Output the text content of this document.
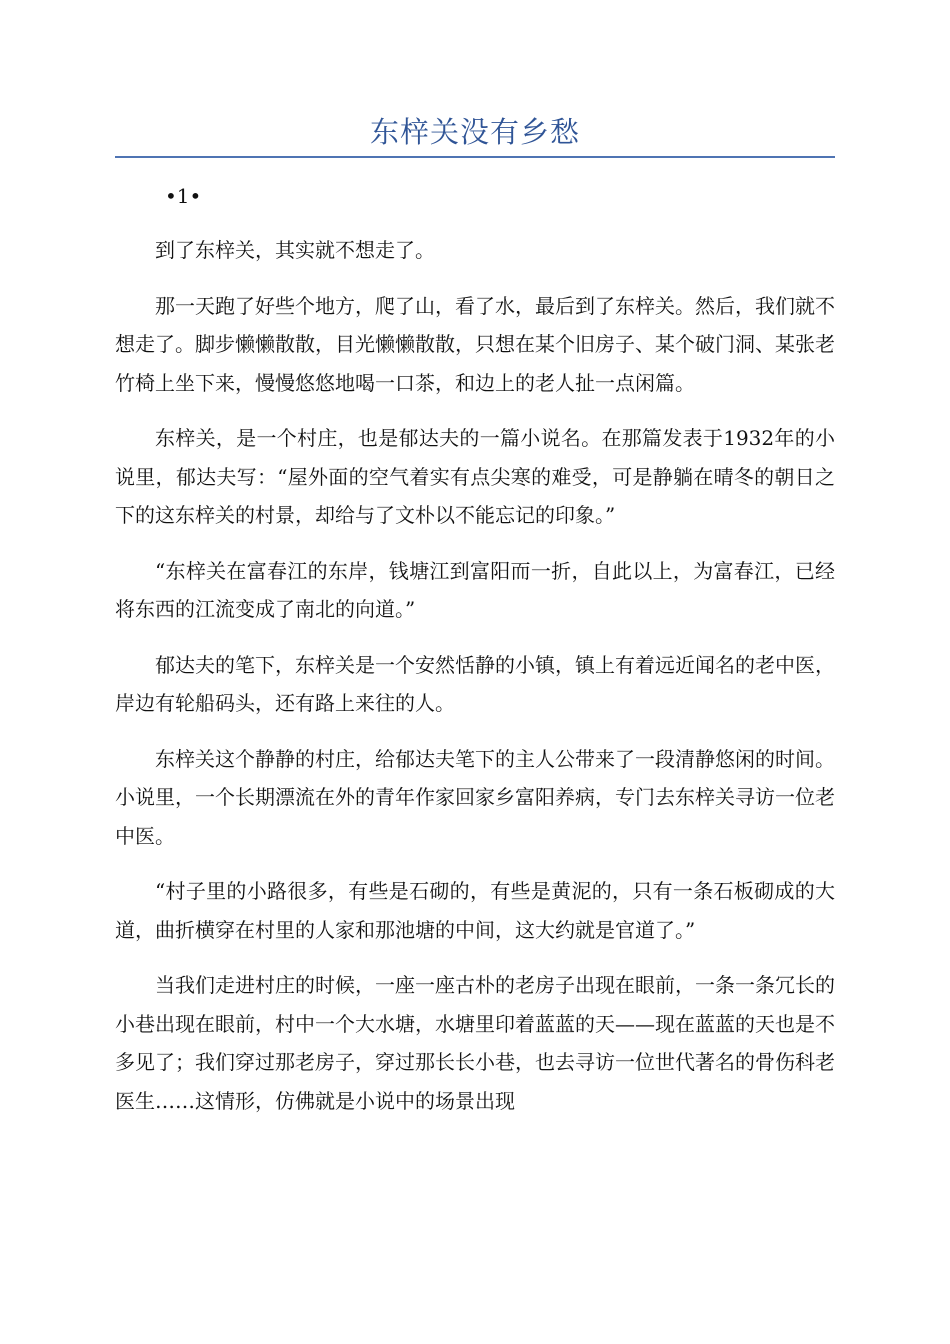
东梓关没有乡愁
•1•

到了东梓关，其实就不想走了。

那一天跑了好些个地方，爬了山，看了水，最后到了东梓关。然后，我们就不想走了。脚步懒懒散散，目光懒懒散散，只想在某个旧房子、某个破门洞、某张老竹椅上坐下来，慢慢悠悠地喝一口茶，和边上的老人扯一点闲篇。

东梓关，是一个村庄，也是郁达夫的一篇小说名。在那篇发表于1932年的小说里，郁达夫写：“屋外面的空气着实有点尖寒的难受，可是静躺在晴冬的朝日之下的这东梓关的村景，却给与了文朴以不能忘记的印象。”

“东梓关在富春江的东岸，钱塘江到富阳而一折，自此以上，为富春江，已经将东西的江流变成了南北的向道。”

郁达夫的笔下，东梓关是一个安然恬静的小镇，镇上有着远近闻名的老中医，岸边有轮船码头，还有路上来往的人。

东梓关这个静静的村庄，给郁达夫笔下的主人公带来了一段清静悠闲的时间。小说里，一个长期漂流在外的青年作家回家乡富阳养病，专门去东梓关寻访一位老中医。

“村子里的小路很多，有些是石砌的，有些是黄泥的，只有一条石板砌成的大道，曲折横穿在村里的人家和那池塘的中间，这大约就是官道了。”

当我们走进村庄的时候，一座一座古朴的老房子出现在眼前，一条一条冗长的小巷出现在眼前，村中一个大水塘，水塘里印着蓝蓝的天——现在蓝蓝的天也是不多见了；我们穿过那老房子，穿过那长长小巷，也去寻访一位世代著名的骨伤科老医生……这情形，仿佛就是小说中的场景出现
